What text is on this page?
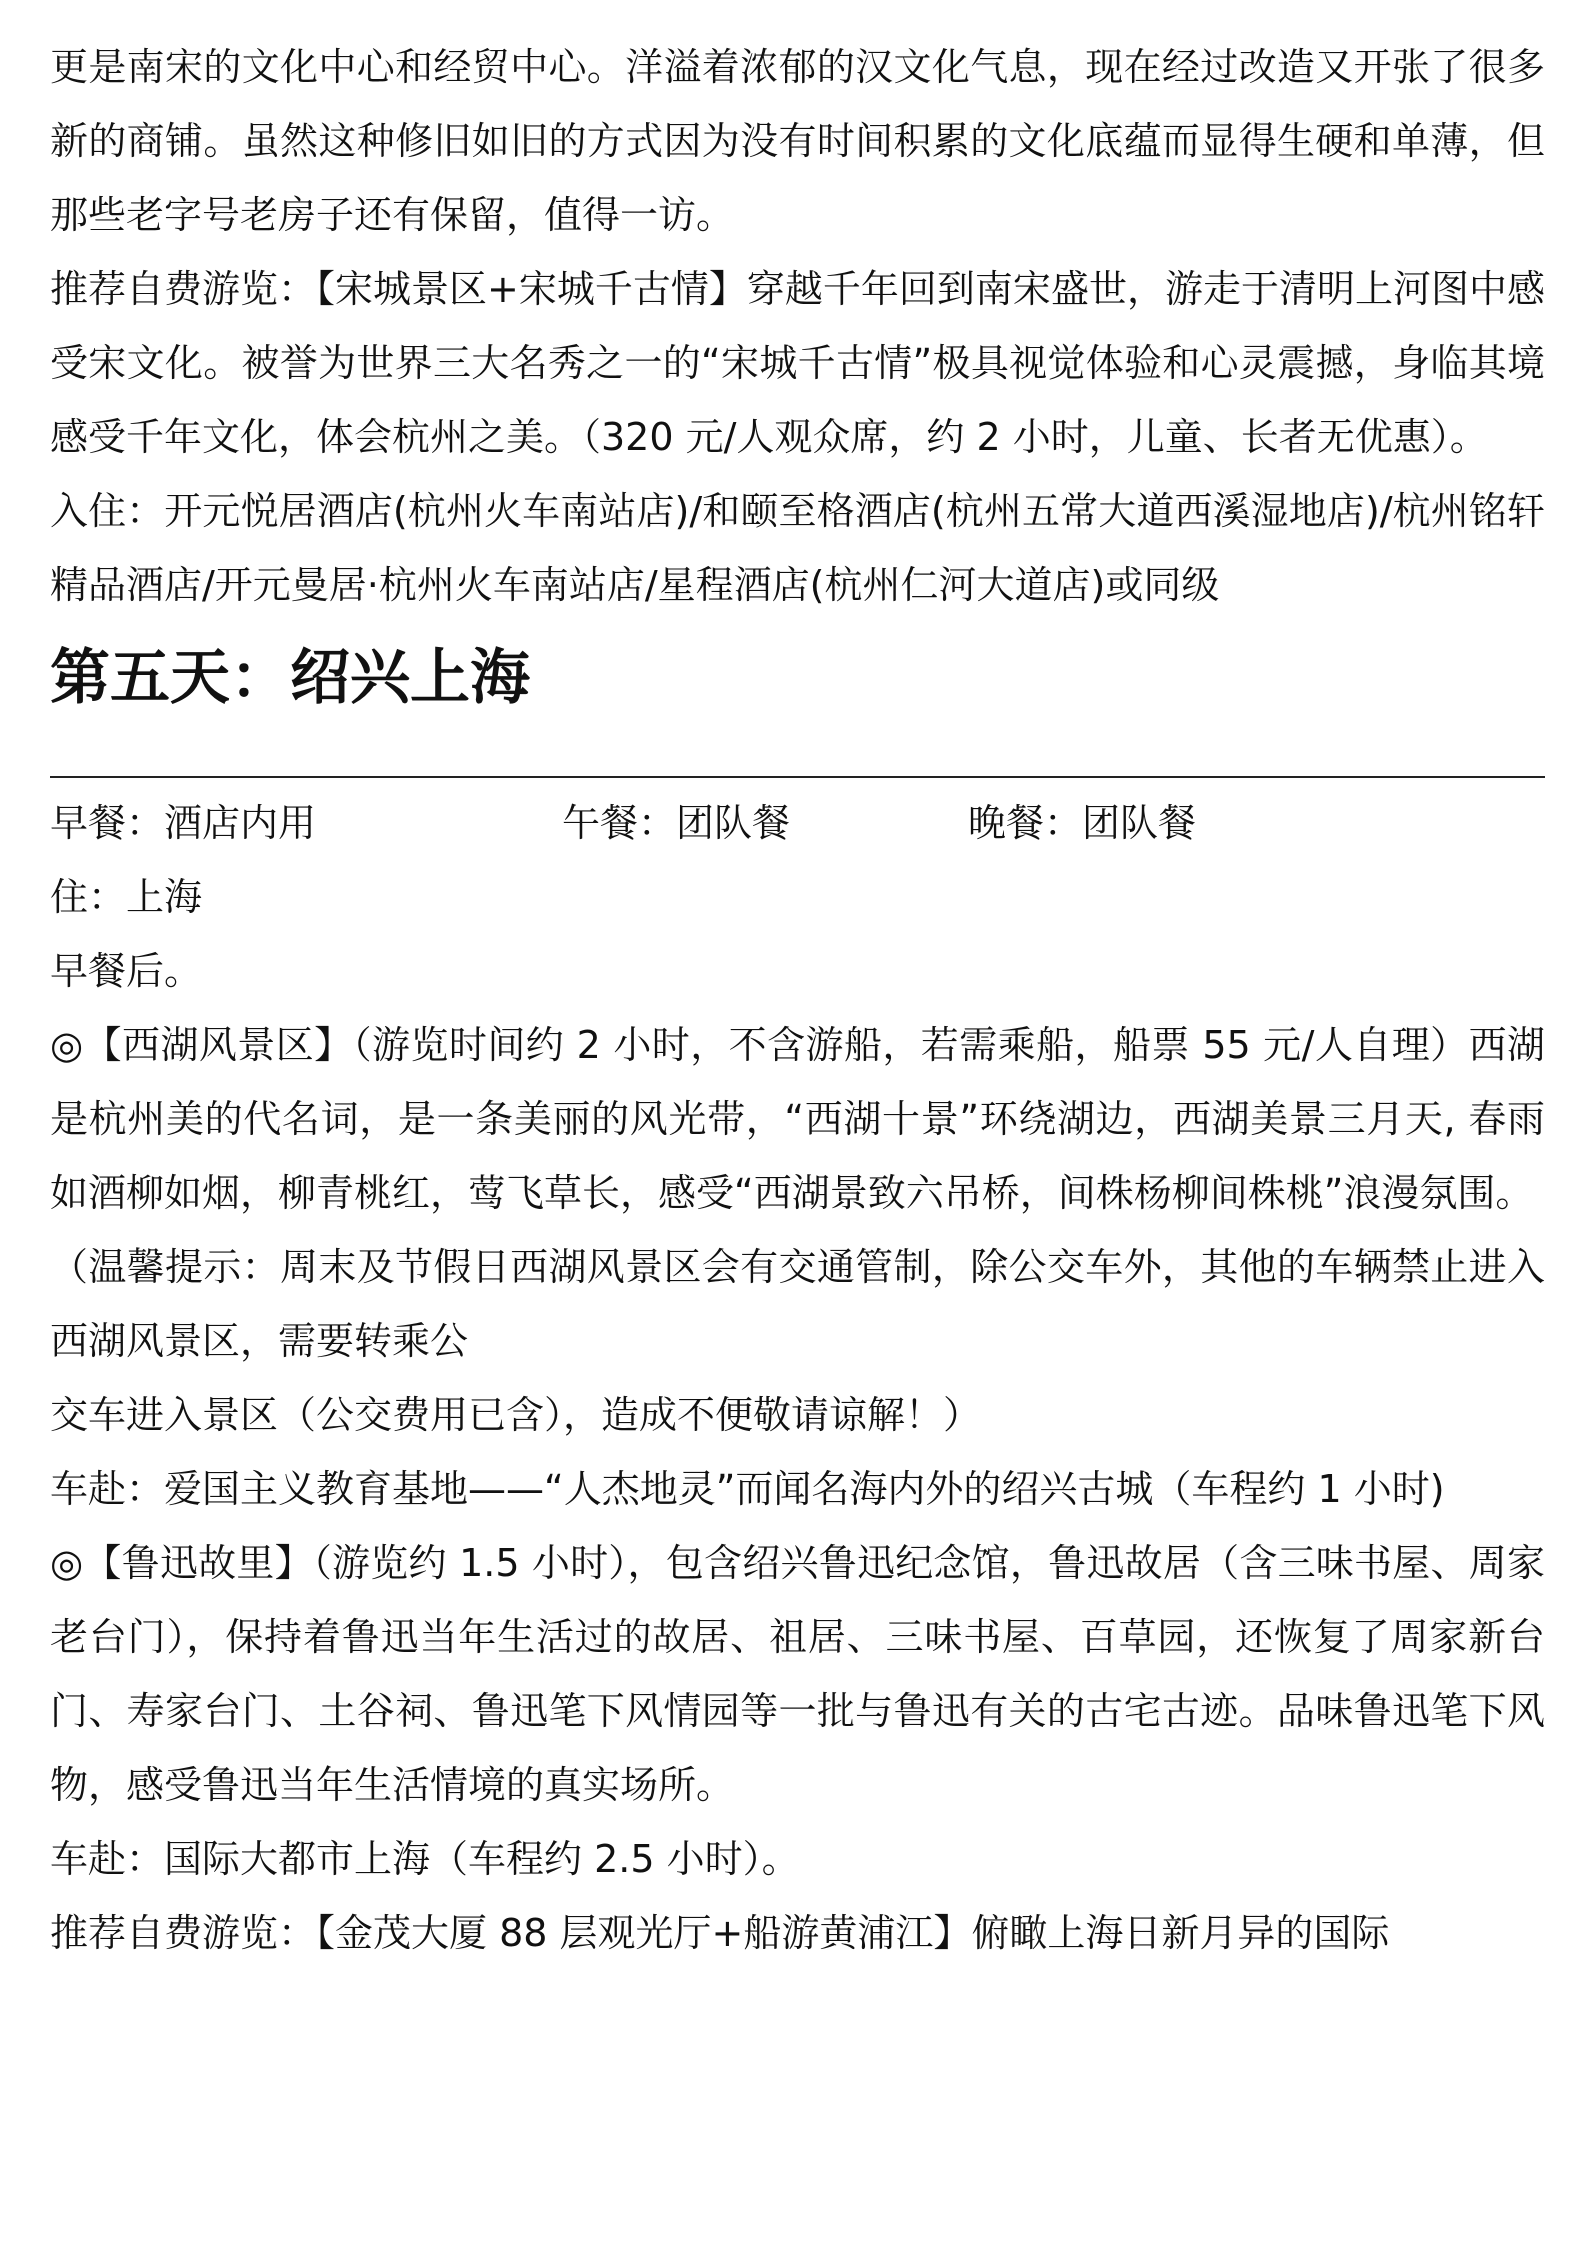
更是南宋的文化中心和经贸中心。洋溢着浓郁的汉文化气息，现在经过改造又开张了很多新的商铺。虽然这种修旧如旧的方式因为没有时间积累的文化底蕴而显得生硬和单薄，但那些老字号老房子还有保留，值得一访。

推荐自费游览：【宋城景区+宋城千古情】穿越千年回到南宋盛世，游走于清明上河图中感受宋文化。被誉为世界三大名秀之一的“宋城千古情”极具视觉体验和心灵震撼，身临其境感受千年文化，体会杭州之美。（320 元/人观众席，约 2 小时，儿童、长者无优惠）。

入住：开元悦居酒店(杭州火车南站店)/和颐至格酒店(杭州五常大道西溪湿地店)/杭州铭轩精品酒店/开元曼居·杭州火车南站店/星程酒店(杭州仁河大道店)或同级

第五天：绍兴上海
早餐：酒店内用	午餐：团队餐	晚餐：团队餐

住：上海

早餐后。

◎【西湖风景区】（游览时间约 2 小时，不含游船，若需乘船，船票 55 元/人自理）西湖是杭州美的代名词，是一条美丽的风光带，“西湖十景”环绕湖边，西湖美景三月天, 春雨如酒柳如烟，柳青桃红，莺飞草长，感受“西湖景致六吊桥，间株杨柳间株桃”浪漫氛围。

（温馨提示：周末及节假日西湖风景区会有交通管制，除公交车外，其他的车辆禁止进入西湖风景区，需要转乘公

交车进入景区（公交费用已含），造成不便敬请谅解！）

车赴：爱国主义教育基地——“人杰地灵”而闻名海内外的绍兴古城（车程约 1 小时)

◎【鲁迅故里】（游览约 1.5 小时），包含绍兴鲁迅纪念馆，鲁迅故居（含三味书屋、周家老台门），保持着鲁迅当年生活过的故居、祖居、三味书屋、百草园，还恢复了周家新台门、寿家台门、土谷祠、鲁迅笔下风情园等一批与鲁迅有关的古宅古迹。品味鲁迅笔下风物，感受鲁迅当年生活情境的真实场所。

车赴：国际大都市上海（车程约 2.5 小时）。

推荐自费游览：【金茂大厦 88 层观光厅+船游黄浦江】俯瞰上海日新月异的国际
